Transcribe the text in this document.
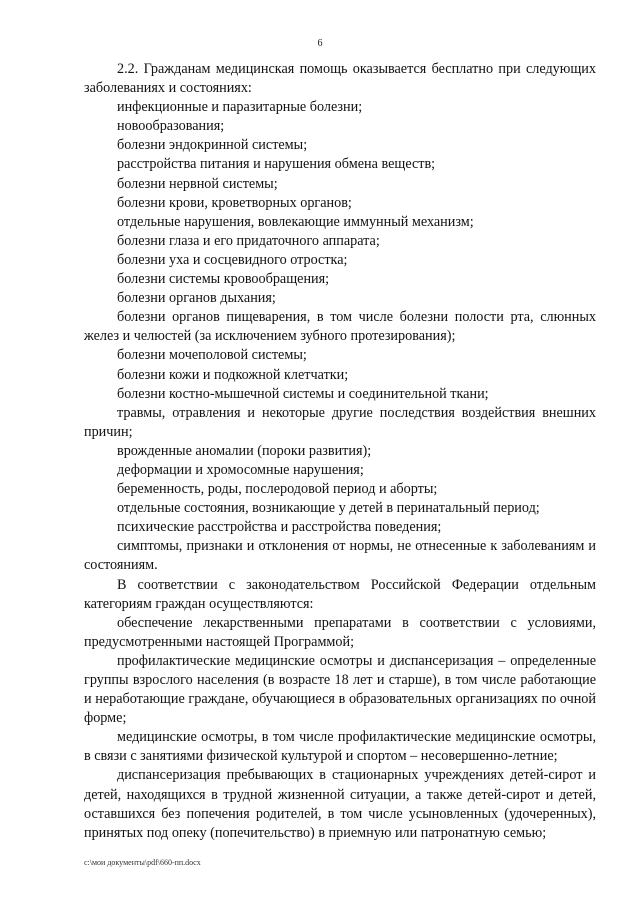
6

2.2. Гражданам медицинская помощь оказывается бесплатно при следующих заболеваниях и состояниях:

инфекционные и паразитарные болезни;

новообразования;

болезни эндокринной системы;

расстройства питания и нарушения обмена веществ;

болезни нервной системы;

болезни крови, кроветворных органов;

отдельные нарушения, вовлекающие иммунный механизм;

болезни глаза и его придаточного аппарата;

болезни уха и сосцевидного отростка;

болезни системы кровообращения;

болезни органов дыхания;

болезни органов пищеварения, в том числе болезни полости рта, слюнных желез и челюстей (за исключением зубного протезирования);

болезни мочеполовой системы;

болезни кожи и подкожной клетчатки;

болезни костно-мышечной системы и соединительной ткани;

травмы, отравления и некоторые другие последствия воздействия внешних причин;

врожденные аномалии (пороки развития);

деформации и хромосомные нарушения;

беременность, роды, послеродовой период и аборты;

отдельные состояния, возникающие у детей в перинатальный период;

психические расстройства и расстройства поведения;

симптомы, признаки и отклонения от нормы, не отнесенные к заболеваниям и состояниям.

В соответствии с законодательством Российской Федерации отдельным категориям граждан осуществляются:

обеспечение лекарственными препаратами в соответствии с условиями, предусмотренными настоящей Программой;

профилактические медицинские осмотры и диспансеризация – определенные группы взрослого населения (в возрасте 18 лет и старше), в том числе работающие и неработающие граждане, обучающиеся в образовательных организациях по очной форме;

медицинские осмотры, в том числе профилактические медицинские осмотры, в связи с занятиями физической культурой и спортом – несовершенно-летние;

диспансеризация пребывающих в стационарных учреждениях детей-сирот и детей, находящихся в трудной жизненной ситуации, а также детей-сирот и детей, оставшихся без попечения родителей, в том числе усыновленных (удочеренных), принятых под опеку (попечительство) в приемную или патронатную семью;

c:\мои документы\pdf\660-пп.docx
